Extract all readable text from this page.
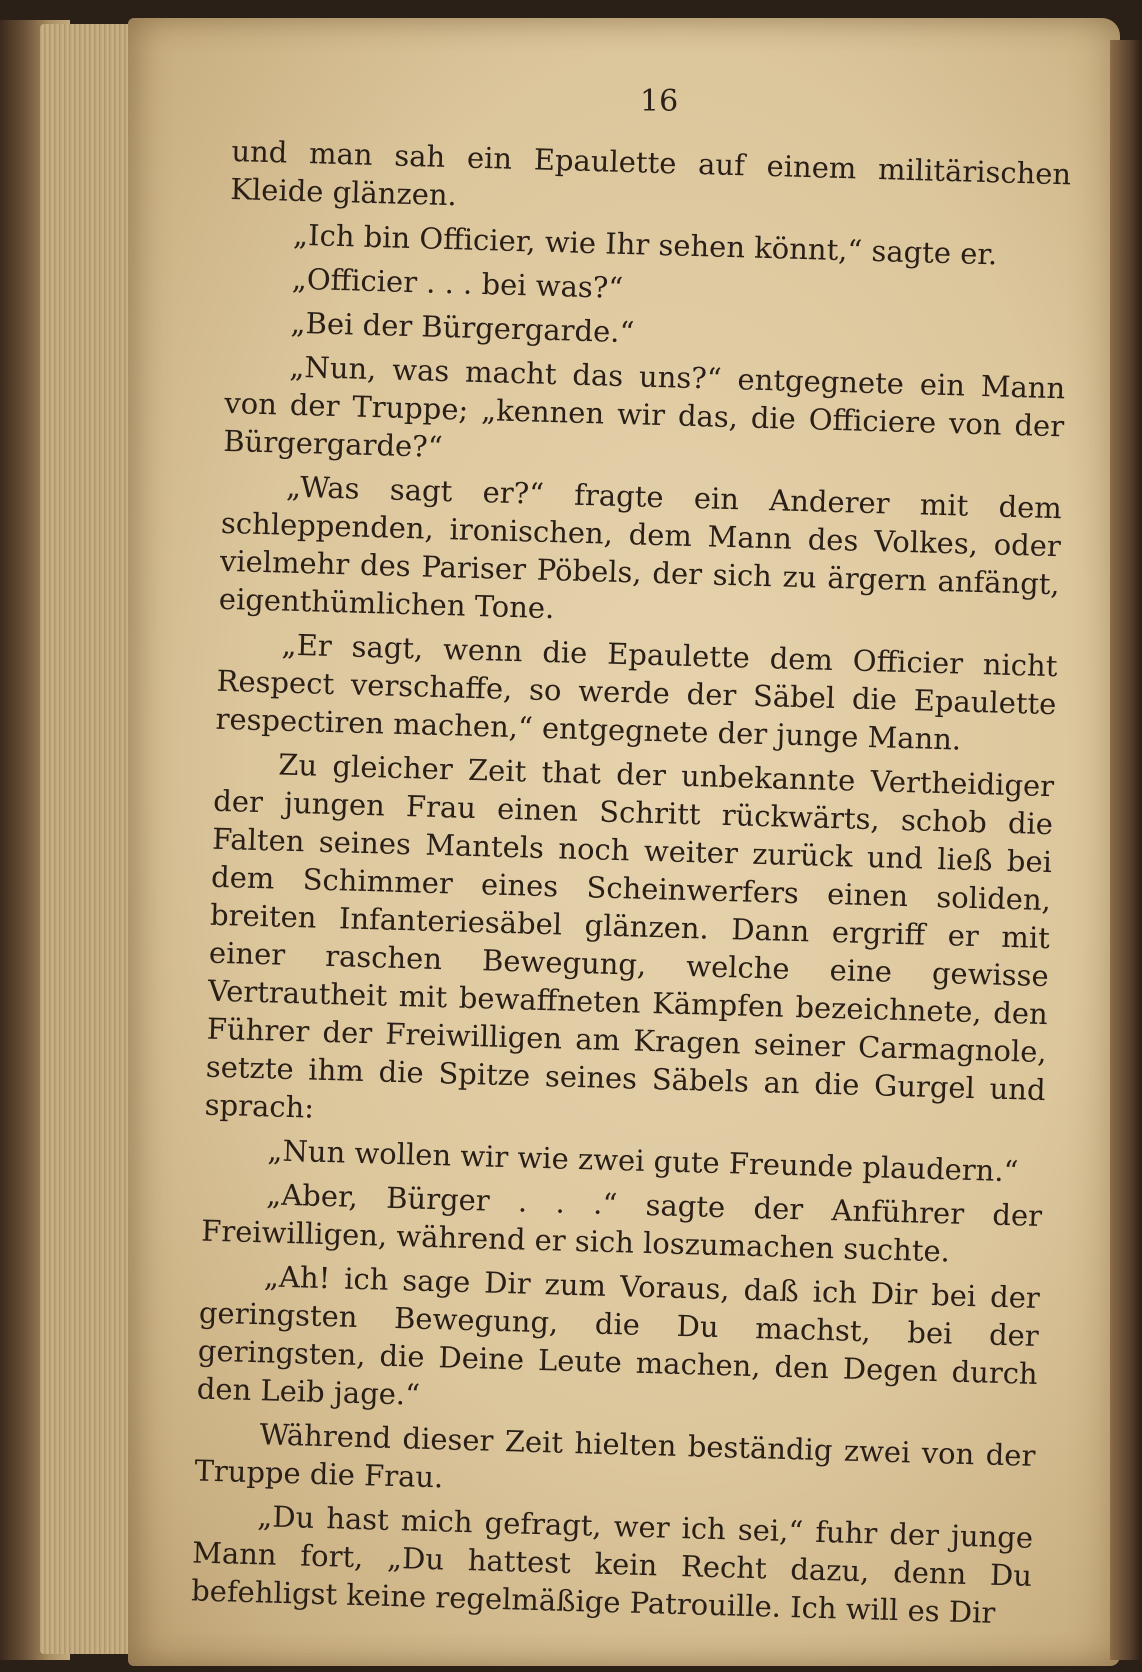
16

und man sah ein Epaulette auf einem militärischen Kleide glänzen.

„Ich bin Officier, wie Ihr sehen könnt,“ sagte er.

„Officier . . . bei was?“

„Bei der Bürgergarde.“

„Nun, was macht das uns?“ entgegnete ein Mann von der Truppe; „kennen wir das, die Officiere von der Bürgergarde?“

„Was sagt er?“ fragte ein Anderer mit dem schleppenden, ironischen, dem Mann des Volkes, oder vielmehr des Pariser Pöbels, der sich zu ärgern anfängt, eigenthümlichen Tone.

„Er sagt, wenn die Epaulette dem Officier nicht Respect verschaffe, so werde der Säbel die Epaulette respectiren machen,“ entgegnete der junge Mann.

Zu gleicher Zeit that der unbekannte Vertheidiger der jungen Frau einen Schritt rückwärts, schob die Falten seines Mantels noch weiter zurück und ließ bei dem Schimmer eines Scheinwerfers einen soliden, breiten Infanteriesäbel glänzen. Dann ergriff er mit einer raschen Bewegung, welche eine gewisse Vertrautheit mit bewaffneten Kämpfen bezeichnete, den Führer der Freiwilligen am Kragen seiner Carmagnole, setzte ihm die Spitze seines Säbels an die Gurgel und sprach:

„Nun wollen wir wie zwei gute Freunde plaudern.“

„Aber, Bürger . . .“ sagte der Anführer der Freiwilligen, während er sich loszumachen suchte.

„Ah! ich sage Dir zum Voraus, daß ich Dir bei der geringsten Bewegung, die Du machst, bei der geringsten, die Deine Leute machen, den Degen durch den Leib jage.“

Während dieser Zeit hielten beständig zwei von der Truppe die Frau.

„Du hast mich gefragt, wer ich sei,“ fuhr der junge Mann fort, „Du hattest kein Recht dazu, denn Du befehligst keine regelmäßige Patrouille. Ich will es Dir
